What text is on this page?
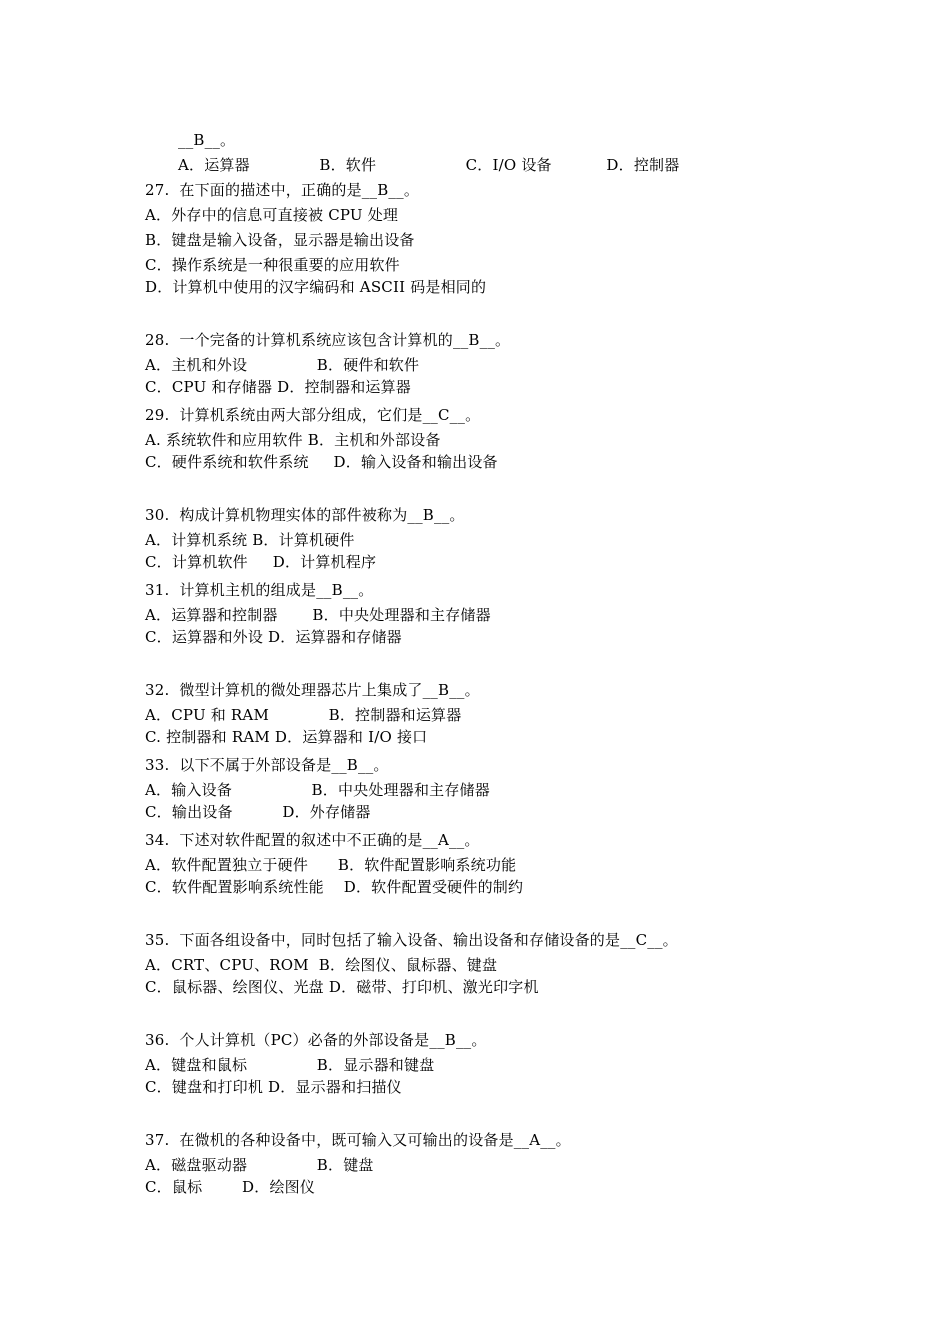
__B__。
A．运算器              B．软件                  C．I/O 设备           D．控制器
27.  在下面的描述中，正确的是__B__。
A．外存中的信息可直接被 CPU 处理
B．键盘是输入设备，显示器是输出设备
C．操作系统是一种很重要的应用软件
D．计算机中使用的汉字编码和 ASCII 码是相同的
28.  一个完备的计算机系统应该包含计算机的__B__。
A．主机和外设              B．硬件和软件
C．CPU 和存储器 D．控制器和运算器
29.  计算机系统由两大部分组成，它们是__C__。
A. 系统软件和应用软件 B．主机和外部设备
C．硬件系统和软件系统     D．输入设备和输出设备
30.  构成计算机物理实体的部件被称为__B__。
A．计算机系统 B．计算机硬件
C．计算机软件     D．计算机程序
31.  计算机主机的组成是__B__。
A．运算器和控制器       B．中央处理器和主存储器
C．运算器和外设 D．运算器和存储器
32.  微型计算机的微处理器芯片上集成了__B__。
A．CPU 和 RAM            B．控制器和运算器
C. 控制器和 RAM D．运算器和 I/O 接口
33.  以下不属于外部设备是__B__。
A．输入设备                B．中央处理器和主存储器
C．输出设备          D．外存储器
34.  下述对软件配置的叙述中不正确的是__A__。
A．软件配置独立于硬件      B．软件配置影响系统功能
C．软件配置影响系统性能    D．软件配置受硬件的制约
35.  下面各组设备中，同时包括了输入设备、输出设备和存储设备的是__C__。
A．CRT、CPU、ROM  B．绘图仪、鼠标器、键盘
C．鼠标器、绘图仪、光盘 D．磁带、打印机、激光印字机
36.  个人计算机（PC）必备的外部设备是__B__。
A．键盘和鼠标              B．显示器和键盘
C．键盘和打印机 D．显示器和扫描仪
37.  在微机的各种设备中，既可输入又可输出的设备是__A__。
A．磁盘驱动器              B．键盘
C．鼠标        D．绘图仪
